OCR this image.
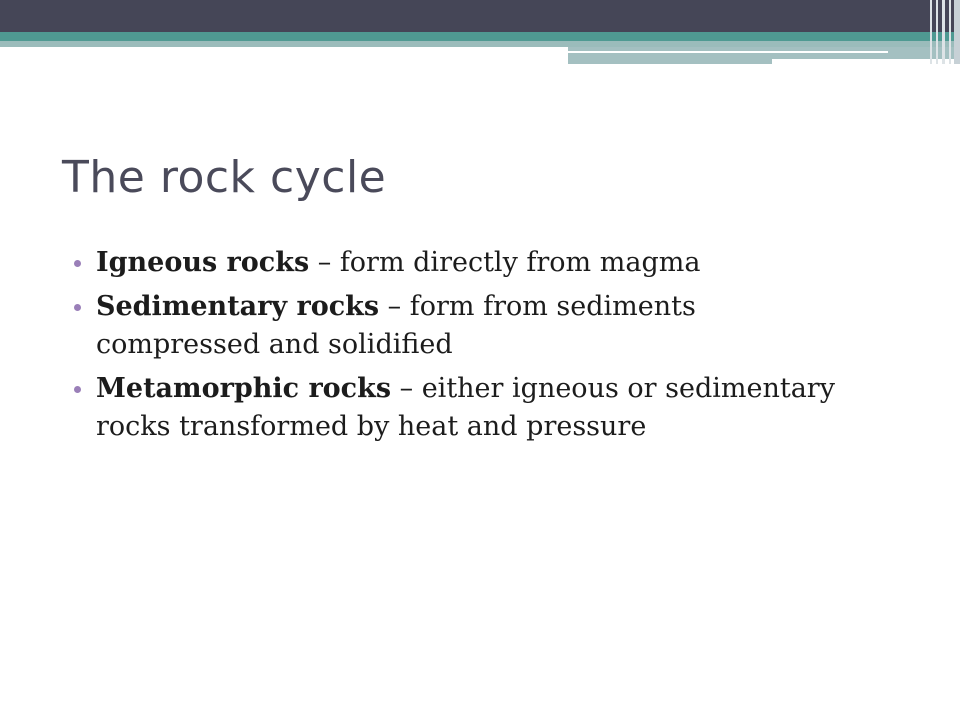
The rock cycle
Igneous rocks – form directly from magma
Sedimentary rocks – form from sediments compressed and solidified
Metamorphic rocks – either igneous or sedimentary rocks transformed by heat and pressure
